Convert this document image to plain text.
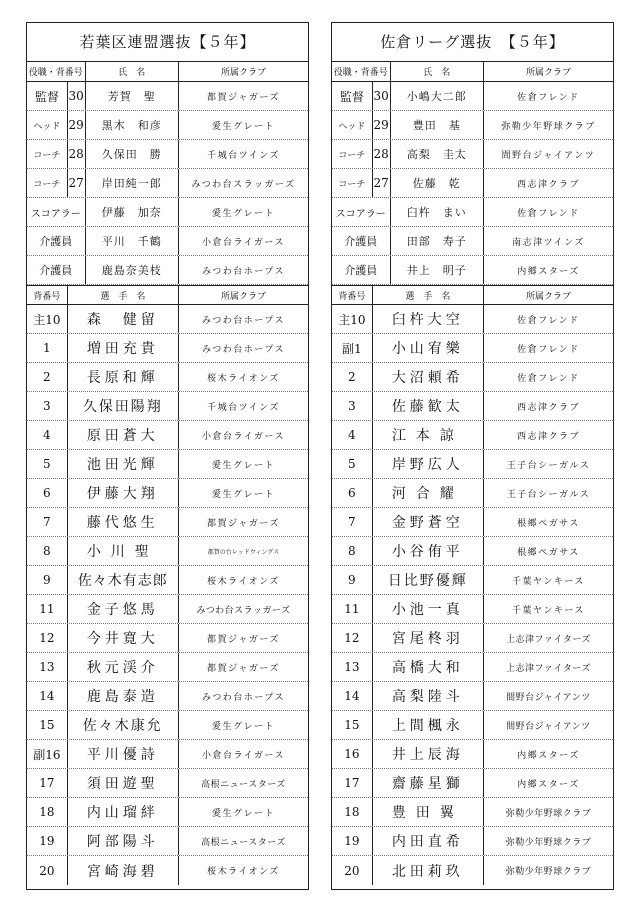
若葉区連盟選抜【５年】
役職・背番号	氏　名	所属クラブ
監督 30	芳賀　聖	都賀ジャガーズ
ヘッド 29	黒木　和彦	愛生グレート
コーチ 28	久保田　勝	千城台ツインズ
コーチ 27	岸田純一郎	みつわ台スラッガーズ
スコアラー	伊藤　加奈	愛生グレート
介護員	平川　千鶴	小倉台ライガース
介護員	鹿島奈美枝	みつわ台ホープス
背番号	選　手　名	所属クラブ
主10	森　健留	みつわ台ホープス
1	増田充貴	みつわ台ホープス
2	長原和輝	桜木ライオンズ
3	久保田陽翔	千城台ツインズ
4	原田蒼大	小倉台ライガース
5	池田光輝	愛生グレート
6	伊藤大翔	愛生グレート
7	藤代悠生	都賀ジャガーズ
8	小川聖	都賀の台レッドウィングス
9	佐々木有志郎	桜木ライオンズ
11	金子悠馬	みつわ台スラッガーズ
12	今井寛大	都賀ジャガーズ
13	秋元渓介	都賀ジャガーズ
14	鹿島泰造	みつわ台ホープス
15	佐々木康允	愛生グレート
副16	平川優詩	小倉台ライガース
17	須田遊聖	高根ニュースターズ
18	内山瑠絆	愛生グレート
19	阿部陽斗	高根ニュースターズ
20	宮崎海碧	桜木ライオンズ
佐倉リーグ選抜　【５年】
役職・背番号	氏　名	所属クラブ
監督 30	小嶋大二郎	佐倉フレンド
ヘッド 29	豊田　基	弥勒少年野球クラブ
コーチ 28	高梨　圭太	間野台ジャイアンツ
コーチ 27	佐藤　乾	西志津クラブ
スコアラー	臼杵　まい	佐倉フレンド
介護員	田部　寿子	南志津ツインズ
介護員	井上　明子	内郷スターズ
背番号	選　手　名	所属クラブ
主10	臼杵大空	佐倉フレンド
副1	小山宥樂	佐倉フレンド
2	大沼頼希	佐倉フレンド
3	佐藤歓太	西志津クラブ
4	江本諒	西志津クラブ
5	岸野広人	王子台シーガルス
6	河合耀	王子台シーガルス
7	金野蒼空	根郷ペガサス
8	小谷侑平	根郷ペガサス
9	日比野優輝	千葉ヤンキース
11	小池一真	千葉ヤンキース
12	宮尾柊羽	上志津ファイターズ
13	高橋大和	上志津ファイターズ
14	高梨陸斗	間野台ジャイアンツ
15	上間楓永	間野台ジャイアンツ
16	井上辰海	内郷スターズ
17	齋藤星獅	内郷スターズ
18	豊田翼	弥勒少年野球クラブ
19	内田直希	弥勒少年野球クラブ
20	北田莉玖	弥勒少年野球クラブ
